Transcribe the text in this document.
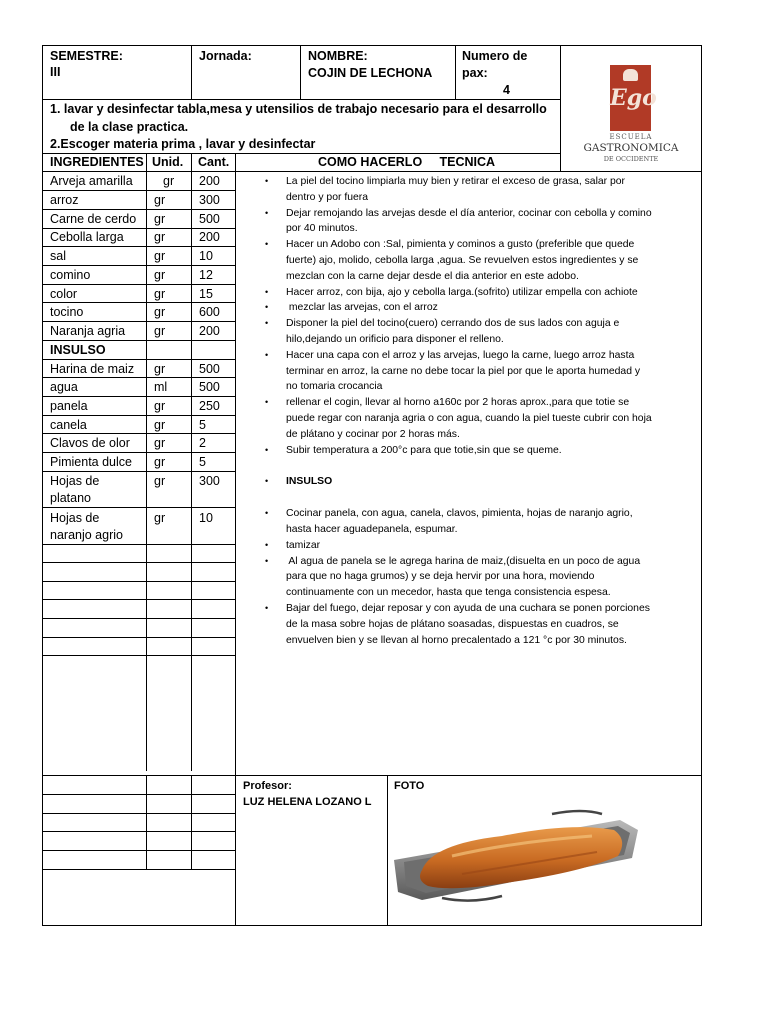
SEMESTRE:
III
Jornada:	NOMBRE:
COJIN DE LECHONA
Numero de
pax:
4	Ego
ESCUELA
GASTRONOMICA
DE OCCIDENTE
1. lavar y desinfectar tabla,mesa y utensilios de trabajo necesario para el desarrollo
de la clase practica.
2.Escoger materia prima , lavar y desinfectar
INGREDIENTES Unid. Cant.	COMO HACERLO     TECNICA
Arveja amarilla gr 200
arroz	gr	300
Carne de cerdo gr	500
Cebolla larga gr	200
sal	gr	10
comino	gr	12
color	gr	15
tocino	gr	600
Naranja agria gr	200
INSULSO
Harina de maiz gr	500
agua	ml	500
panela	gr	250
canela	gr	5
Clavos de olor gr	2
Pimienta dulce gr	5
Hojas de
platano
gr	300
Hojas de
naranjo agrio
gr	10
• La piel del tocino limpiarla muy bien y retirar el exceso de grasa, salar por
dentro y por fuera
• Dejar remojando las arvejas desde el día anterior, cocinar con cebolla y comino
por 40 minutos.
• Hacer un Adobo con :Sal, pimienta y cominos a gusto (preferible que quede
fuerte) ajo, molido, cebolla larga ,agua. Se revuelven estos ingredientes y se
mezclan con la carne dejar desde el dia anterior en este adobo.
• Hacer arroz, con bija, ajo y cebolla larga.(sofrito) utilizar empella con achiote
• mezclar las arvejas, con el arroz
• Disponer la piel del tocino(cuero) cerrando dos de sus lados con aguja e
hilo,dejando un orificio para disponer el relleno.
• Hacer una capa con el arroz y las arvejas, luego la carne, luego arroz hasta
terminar en arroz, la carne no debe tocar la piel por que le aporta humedad y
no tomaria crocancia
• rellenar el cogin, llevar al horno a160c por 2 horas aprox.,para que totie se
puede regar con naranja agria o con agua, cuando la piel tueste cubrir con hoja
de plátano y cocinar por 2 horas más.
• Subir temperatura a 200°c para que totie,sin que se queme.
• INSULSO
• Cocinar panela, con agua, canela, clavos, pimienta, hojas de naranjo agrio,
hasta hacer aguadepanela, espumar.
• tamizar
• Al agua de panela se le agrega harina de maiz,(disuelta en un poco de agua
para que no haga grumos) y se deja hervir por una hora, moviendo
continuamente con un mecedor, hasta que tenga consistencia espesa.
• Bajar del fuego, dejar reposar y con ayuda de una cuchara se ponen porciones
de la masa sobre hojas de plátano soasadas, dispuestas en cuadros, se
envuelven bien y se llevan al horno precalentado a 121 °c por 30 minutos.
Profesor:
LUZ HELENA LOZANO L
FOTO
